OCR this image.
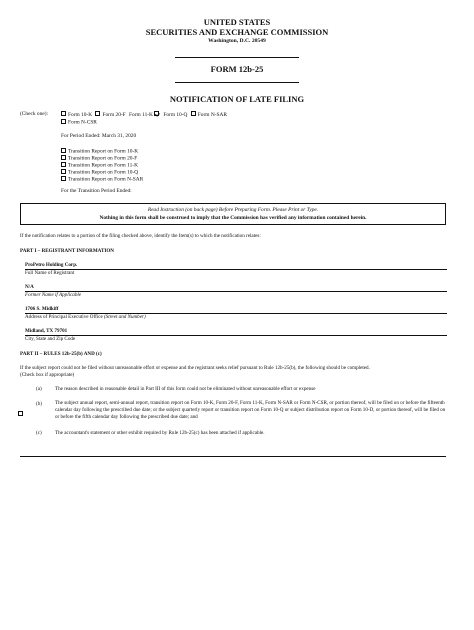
UNITED STATES
SECURITIES AND EXCHANGE COMMISSION
Washington, D.C. 20549
FORM 12b-25
NOTIFICATION OF LATE FILING
(Check one):	Form 10-K Form 20-F Form 11-K Form 10-Q Form N-SAR
Form N-CSR
For Period Ended: March 31, 2020
Transition Report on Form 10-K
Transition Report on Form 20-F
Transition Report on Form 11-K
Transition Report on Form 10-Q
Transition Report on Form N-SAR
For the Transition Period Ended:
Read Instruction (on back page) Before Preparing Form. Please Print or Type.
Nothing in this form shall be construed to imply that the Commission has verified any information contained herein.
If the notification relates to a portion of the filing checked above, identify the Item(s) to which the notification relates:
PART I – REGISTRANT INFORMATION
ProPetro Holding Corp.
Full Name of Registrant
N/A
Former Name if Applicable
1706 S. Midkiff
Address of Principal Executive Office (Street and Number)
Midland, TX 79701
City, State and Zip Code
PART II – RULES 12b-25(b) AND (c)
If the subject report could not be filed without unreasonable effort or expense and the registrant seeks relief pursuant to Rule 12b-25(b), the following should be completed.
(Check box if appropriate)
(a)	The reason described in reasonable detail in Part III of this form could not be eliminated without unreasonable effort or expense
(b)	The subject annual report, semi-annual report, transition report on Form 10-K, Form 20-F, Form 11-K, Form N-SAR or Form N-CSR, or portion thereof, will be filed on or before the fifteenth calendar day following the prescribed due date; or the subject quarterly report or transition report on Form 10-Q or subject distribution report on Form 10-D, or portion thereof, will be filed on or before the fifth calendar day following the prescribed due date; and
(c)	The accountant's statement or other exhibit required by Rule 12b-25(c) has been attached if applicable.
